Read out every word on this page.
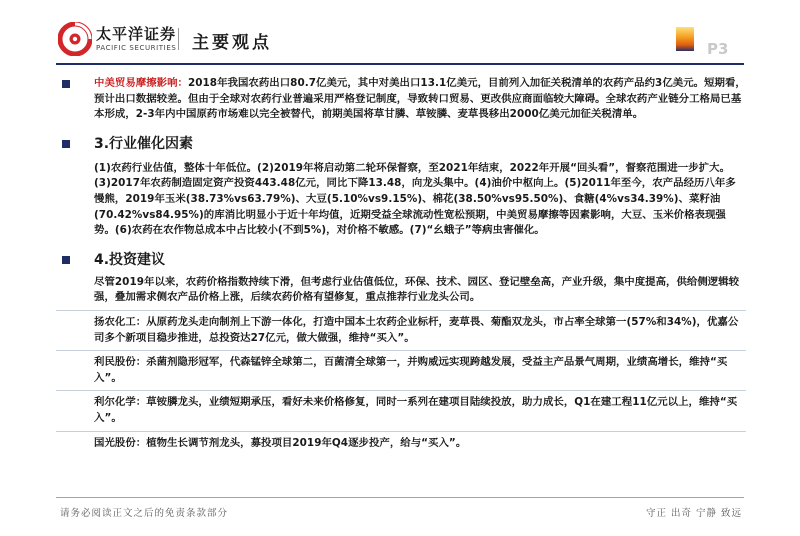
太平洋证券
PACIFIC SECURITIES 主要观点	P3
中美贸易摩擦影响：2018年我国农药出口80.7亿美元，其中对美出口13.1亿美元，目前列入加征关税清单的农药产品约3亿美元。短期看，预计出口数据较差。但由于全球对农药行业普遍采用严格登记制度，导致转口贸易、更改供应商面临较大障碍。全球农药产业链分工格局已基本形成，2-3年内中国原药市场难以完全被替代，前期美国将草甘膦、草铵膦、麦草畏移出2000亿美元加征关税清单。
3.行业催化因素
(1)农药行业估值，整体十年低位。(2)2019年将启动第二轮环保督察，至2021年结束，2022年开展“回头看”，督察范围进一步扩大。(3)2017年农药制造固定资产投资443.48亿元，同比下降13.48，向龙头集中。(4)油价中枢向上。(5)2011年至今，农产品经历八年多慢熊，2019年玉米(38.73%vs63.79%)、大豆(5.10%vs9.15%)、棉花(38.50%vs95.50%)、食糖(4%vs34.39%)、菜籽油(70.42%vs84.95%)的库消比明显小于近十年均值，近期受益全球流动性宽松预期，中美贸易摩擦等因素影响，大豆、玉米价格表现强势。(6)农药在农作物总成本中占比较小(不到5%)，对价格不敏感。(7)“幺蛾子”等病虫害催化。
4.投资建议
尽管2019年以来，农药价格指数持续下滑，但考虑行业估值低位，环保、技术、园区、登记壁垒高，产业升级，集中度提高，供给侧逻辑较强，叠加需求侧农产品价格上涨，后续农药价格有望修复，重点推荐行业龙头公司。
扬农化工：从原药龙头走向制剂上下游一体化，打造中国本土农药企业标杆，麦草畏、菊酯双龙头，市占率全球第一(57%和34%)，优嘉公司多个新项目稳步推进，总投资达27亿元，做大做强，维持“买入”。
利民股份：杀菌剂隐形冠军，代森锰锌全球第二，百菌清全球第一，并购威远实现跨越发展，受益主产品景气周期，业绩高增长，维持“买入”。
利尔化学：草铵膦龙头，业绩短期承压，看好未来价格修复，同时一系列在建项目陆续投放，助力成长，Q1在建工程11亿元以上，维持“买入”。
国光股份：植物生长调节剂龙头，募投项目2019年Q4逐步投产，给与“买入”。
请务必阅读正文之后的免责条款部分	守正 出奇 宁静 致远
